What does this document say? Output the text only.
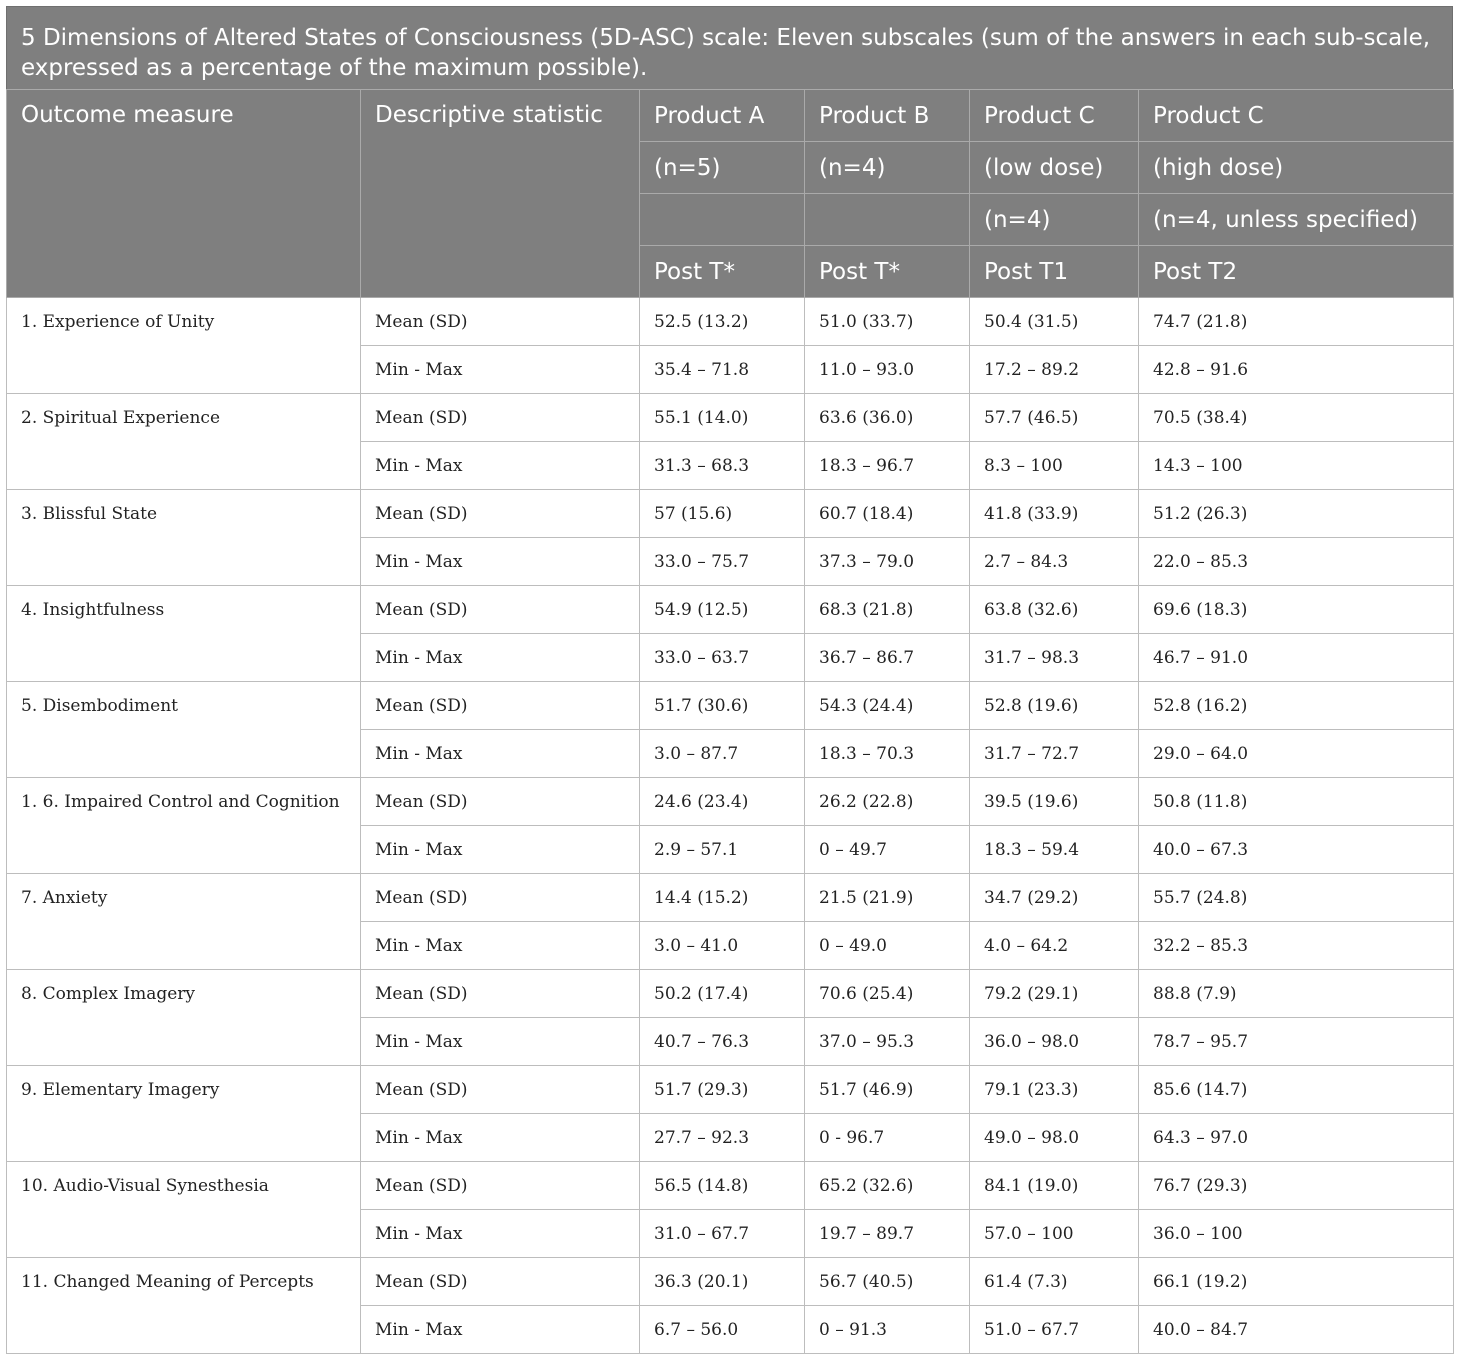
5 Dimensions of Altered States of Consciousness (5D-ASC) scale: Eleven subscales (sum of the answers in each sub-scale, expressed as a percentage of the maximum possible).
Outcome measure	Descriptive statistic	Product A	Product B	Product C	Product C
		(n=5)	(n=4)	(low dose)	(high dose)
				(n=4)	(n=4, unless specified)
		Post T*	Post T*	Post T1	Post T2
1. Experience of Unity	Mean (SD)	52.5 (13.2)	51.0 (33.7)	50.4 (31.5)	74.7 (21.8)
	Min - Max	35.4 – 71.8	11.0 – 93.0	17.2 – 89.2	42.8 – 91.6
2. Spiritual Experience	Mean (SD)	55.1 (14.0)	63.6 (36.0)	57.7 (46.5)	70.5 (38.4)
	Min - Max	31.3 – 68.3	18.3 – 96.7	8.3 – 100	14.3 – 100
3. Blissful State	Mean (SD)	57 (15.6)	60.7 (18.4)	41.8 (33.9)	51.2 (26.3)
	Min - Max	33.0 – 75.7	37.3 – 79.0	2.7 – 84.3	22.0 – 85.3
4. Insightfulness	Mean (SD)	54.9 (12.5)	68.3 (21.8)	63.8 (32.6)	69.6 (18.3)
	Min - Max	33.0 – 63.7	36.7 – 86.7	31.7 – 98.3	46.7 – 91.0
5. Disembodiment	Mean (SD)	51.7 (30.6)	54.3 (24.4)	52.8 (19.6)	52.8 (16.2)
	Min - Max	3.0 – 87.7	18.3 – 70.3	31.7 – 72.7	29.0 – 64.0
1. 6. Impaired Control and Cognition	Mean (SD)	24.6 (23.4)	26.2 (22.8)	39.5 (19.6)	50.8 (11.8)
	Min - Max	2.9 – 57.1	0 – 49.7	18.3 – 59.4	40.0 – 67.3
7. Anxiety	Mean (SD)	14.4 (15.2)	21.5 (21.9)	34.7 (29.2)	55.7 (24.8)
	Min - Max	3.0 – 41.0	0 – 49.0	4.0 – 64.2	32.2 – 85.3
8. Complex Imagery	Mean (SD)	50.2 (17.4)	70.6 (25.4)	79.2 (29.1)	88.8 (7.9)
	Min - Max	40.7 – 76.3	37.0 – 95.3	36.0 – 98.0	78.7 – 95.7
9. Elementary Imagery	Mean (SD)	51.7 (29.3)	51.7 (46.9)	79.1 (23.3)	85.6 (14.7)
	Min - Max	27.7 – 92.3	0 - 96.7	49.0 – 98.0	64.3 – 97.0
10. Audio-Visual Synesthesia	Mean (SD)	56.5 (14.8)	65.2 (32.6)	84.1 (19.0)	76.7 (29.3)
	Min - Max	31.0 – 67.7	19.7 – 89.7	57.0 – 100	36.0 – 100
11. Changed Meaning of Percepts	Mean (SD)	36.3 (20.1)	56.7 (40.5)	61.4 (7.3)	66.1 (19.2)
	Min - Max	6.7 – 56.0	0 – 91.3	51.0 – 67.7	40.0 – 84.7
